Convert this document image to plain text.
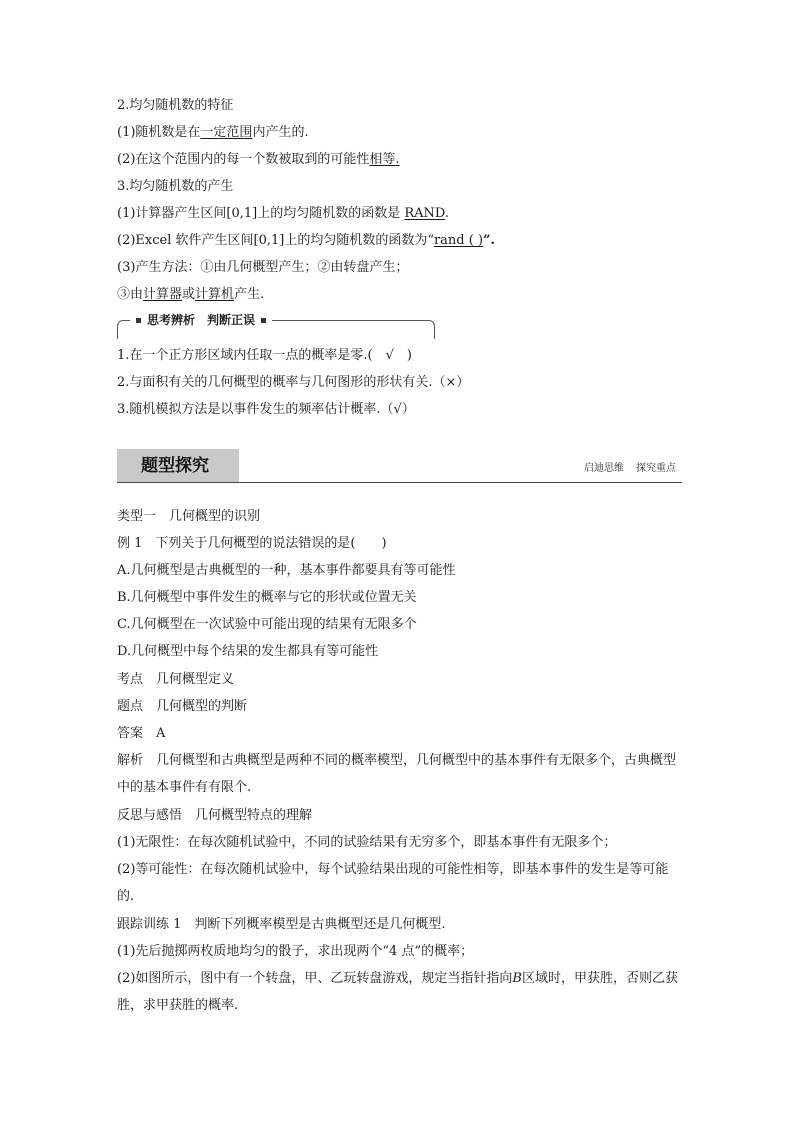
2.均匀随机数的特征
(1)随机数是在一定范围内产生的.
(2)在这个范围内的每一个数被取到的可能性相等.
3.均匀随机数的产生
(1)计算器产生区间[0,1]上的均匀随机数的函数是 RAND.
(2)Excel 软件产生区间[0,1]上的均匀随机数的函数为“rand ( )”.
(3)产生方法：①由几何概型产生；②由转盘产生；
③由计算器或计算机产生.
思考辨析　判断正误
1.在一个正方形区域内任取一点的概率是零.(　√　)
2.与面积有关的几何概型的概率与几何图形的形状有关.（×）
3.随机模拟方法是以事件发生的频率估计概率.（√）
题型探究	启迪思维 探究重点
类型一　几何概型的识别
例 1　下列关于几何概型的说法错误的是(　　)
A.几何概型是古典概型的一种，基本事件都要具有等可能性
B.几何概型中事件发生的概率与它的形状或位置无关
C.几何概型在一次试验中可能出现的结果有无限多个
D.几何概型中每个结果的发生都具有等可能性
考点　几何概型定义
题点　几何概型的判断
答案　A
解析　几何概型和古典概型是两种不同的概率模型，几何概型中的基本事件有无限多个，古典概型中的基本事件有有限个.
反思与感悟　几何概型特点的理解
(1)无限性：在每次随机试验中，不同的试验结果有无穷多个，即基本事件有无限多个；
(2)等可能性：在每次随机试验中，每个试验结果出现的可能性相等，即基本事件的发生是等可能的.
跟踪训练 1　判断下列概率模型是古典概型还是几何概型.
(1)先后抛掷两枚质地均匀的骰子，求出现两个“4 点”的概率；
(2)如图所示，图中有一个转盘，甲、乙玩转盘游戏，规定当指针指向B区域时，甲获胜，否则乙获胜，求甲获胜的概率.
